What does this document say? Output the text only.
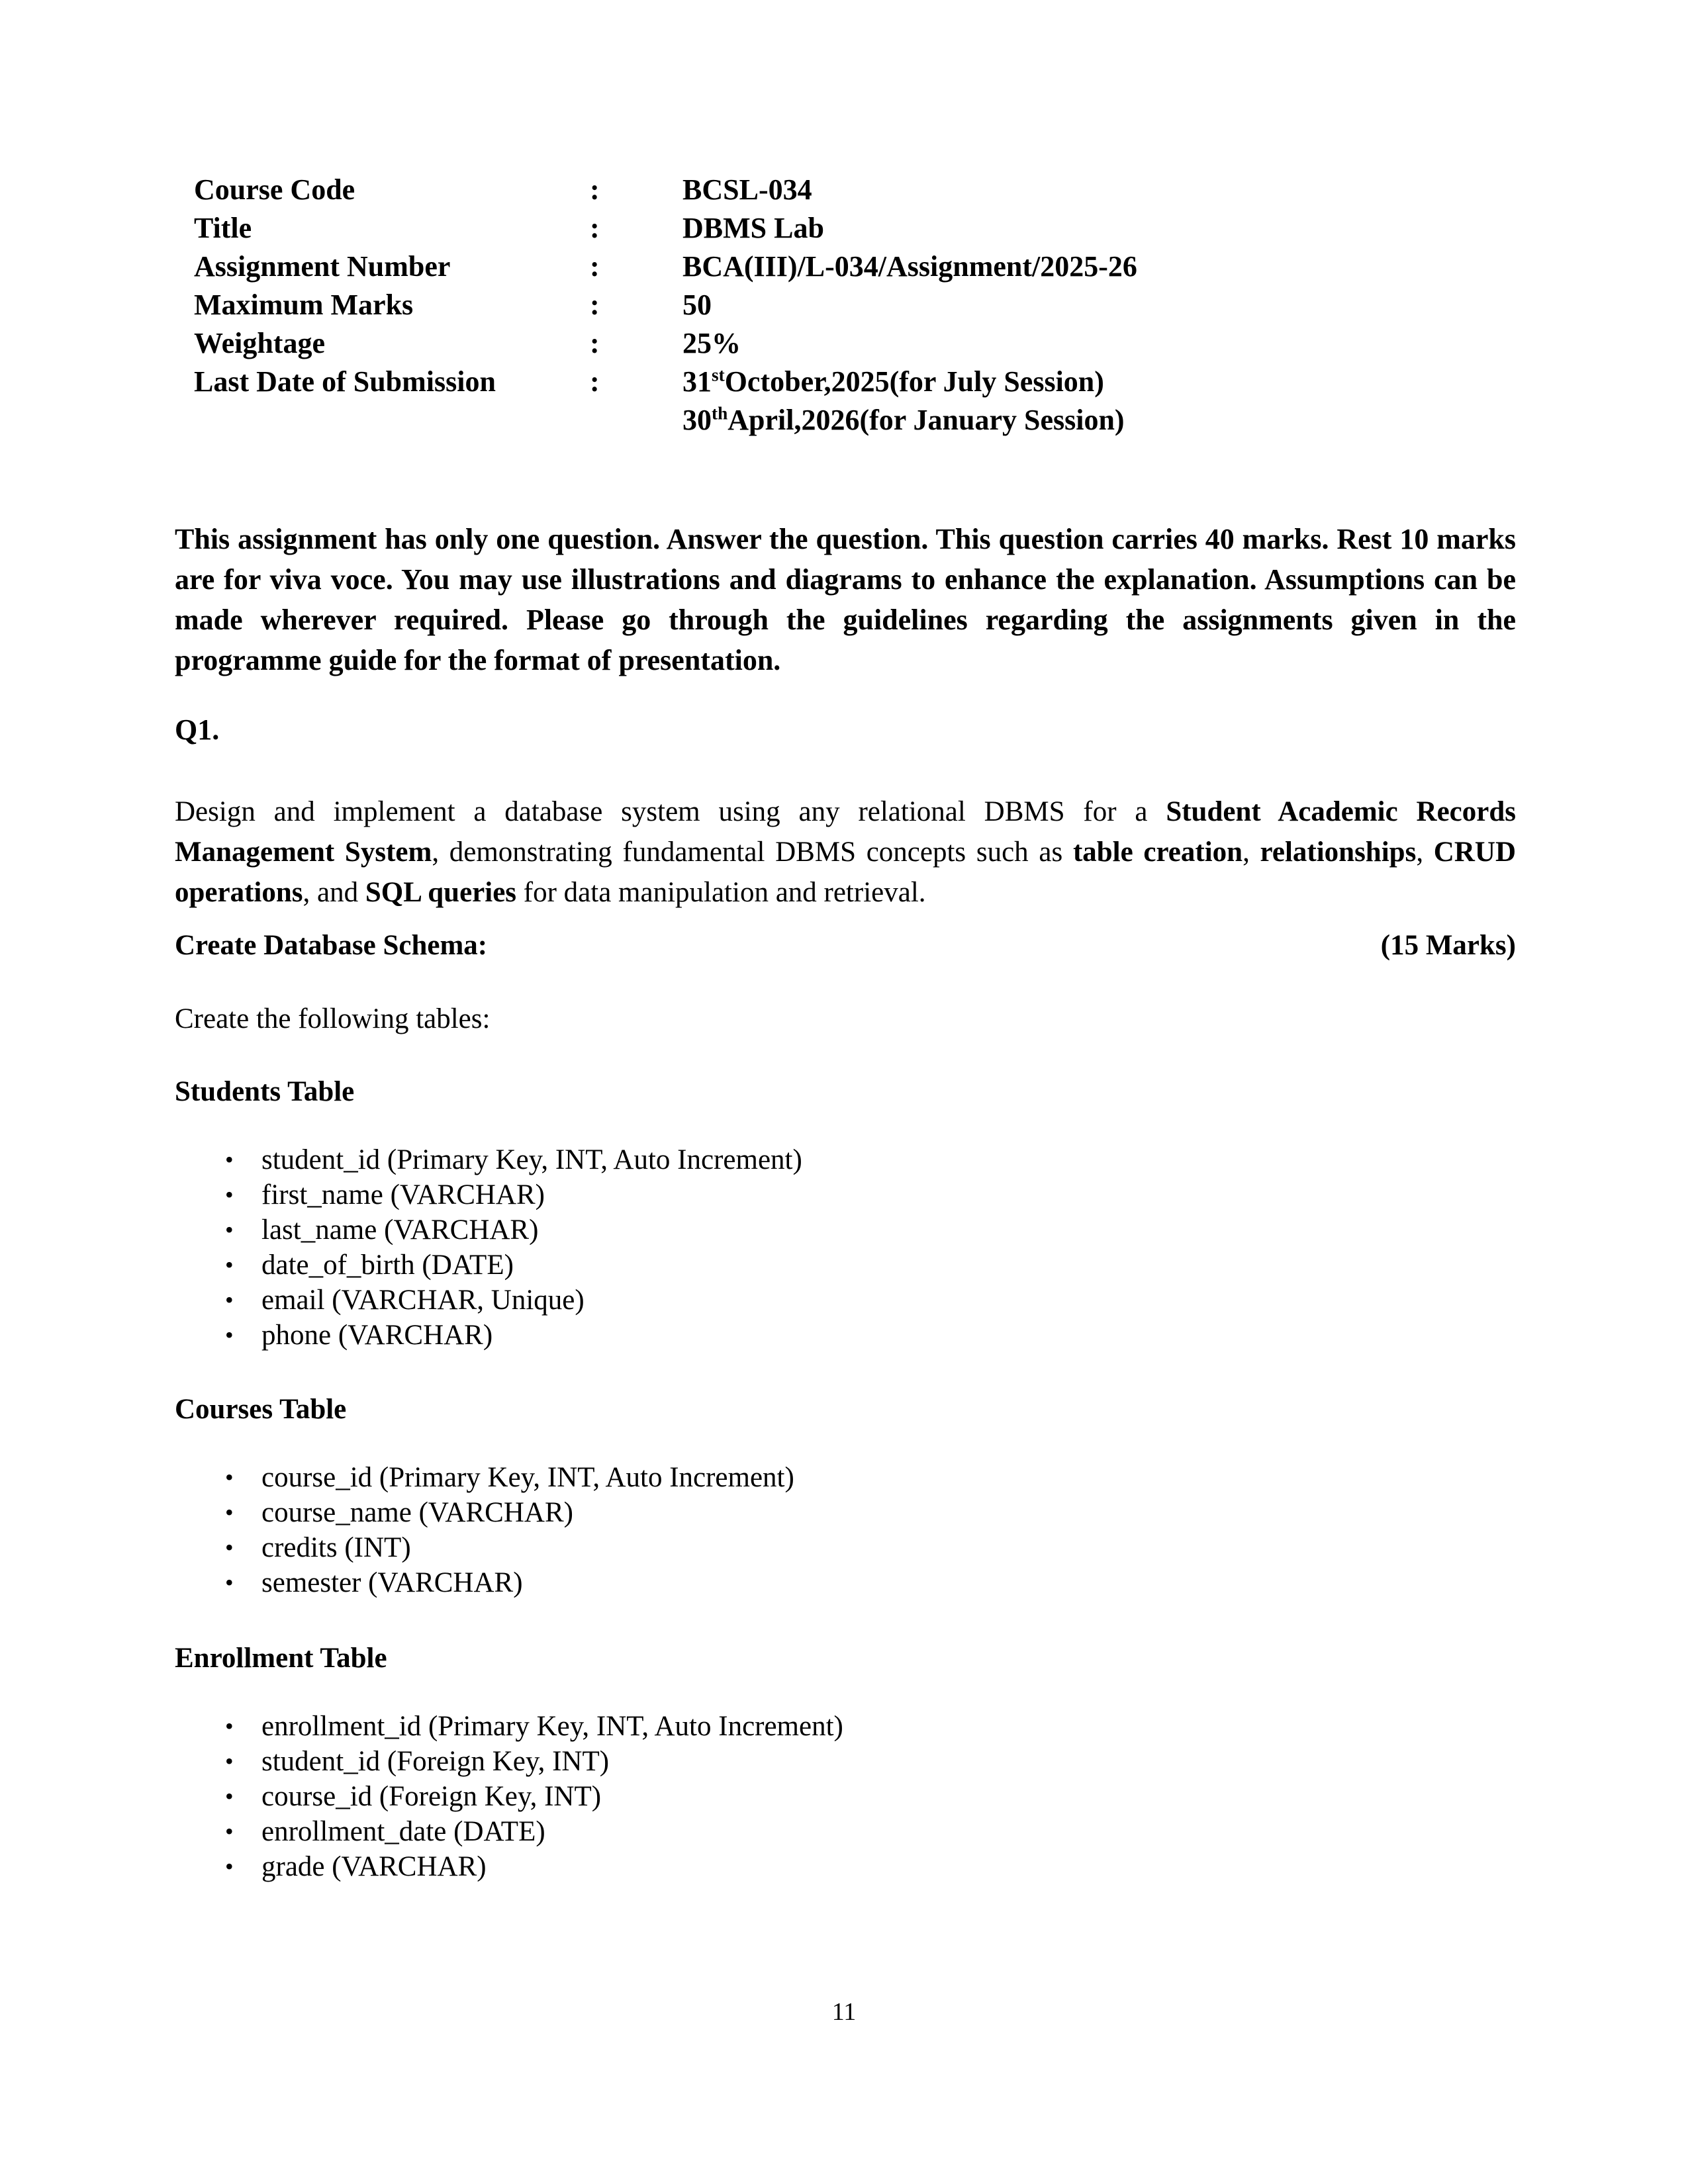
Course Code	:	BCSL-034
Title	:	DBMS Lab
Assignment Number	:	BCA(III)/L-034/Assignment/2025-26
Maximum Marks	:	50
Weightage	:	25%
Last Date of Submission	:	31stOctober,2025(for July Session)
30thApril,2026(for January Session)
This assignment has only one question. Answer the question. This question carries 40 marks. Rest 10 marks are for viva voce. You may use illustrations and diagrams to enhance the explanation. Assumptions can be made wherever required. Please go through the guidelines regarding the assignments given in the programme guide for the format of presentation.
Q1.
Design and implement a database system using any relational DBMS for a Student Academic Records Management System, demonstrating fundamental DBMS concepts such as table creation, relationships, CRUD operations, and SQL queries for data manipulation and retrieval.
Create Database Schema:	(15 Marks)
Create the following tables:
Students Table
• student_id (Primary Key, INT, Auto Increment)
• first_name (VARCHAR)
• last_name (VARCHAR)
• date_of_birth (DATE)
• email (VARCHAR, Unique)
• phone (VARCHAR)
Courses Table
• course_id (Primary Key, INT, Auto Increment)
• course_name (VARCHAR)
• credits (INT)
• semester (VARCHAR)
Enrollment Table
• enrollment_id (Primary Key, INT, Auto Increment)
• student_id (Foreign Key, INT)
• course_id (Foreign Key, INT)
• enrollment_date (DATE)
• grade (VARCHAR)
11
